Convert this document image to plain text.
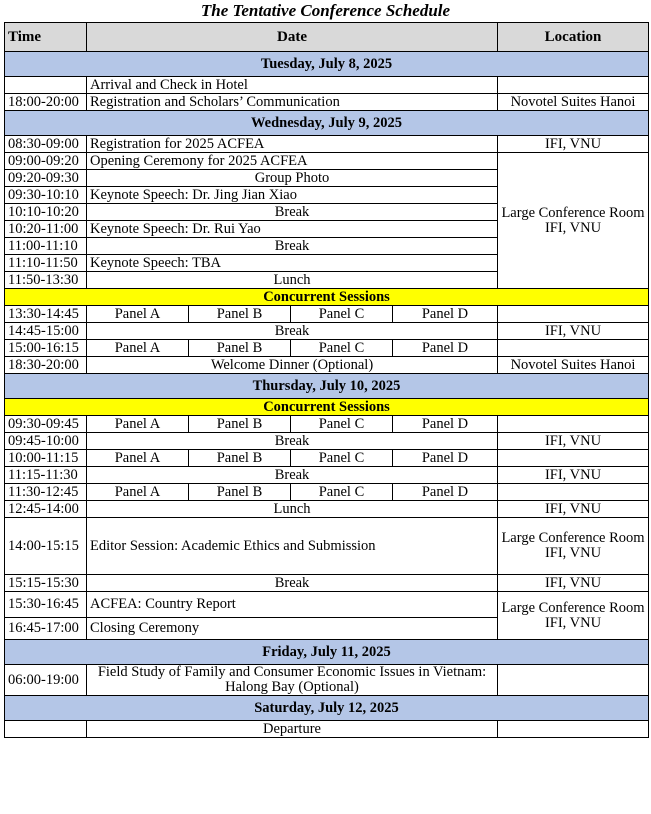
The Tentative Conference Schedule
Time	Date				Location
Tuesday, July 8, 2025					
	Arrival and Check in Hotel				
18:00-20:00	Registration and Scholars’ Communication				Novotel Suites Hanoi
Wednesday, July 9, 2025					
08:30-09:00	Registration for 2025 ACFEA				IFI, VNU
09:00-09:20	Opening Ceremony for 2025 ACFEA				Large Conference Room
IFI, VNU

09:20-09:30	Group Photo				
09:30-10:10	Keynote Speech: Dr. Jing Jian Xiao				
10:10-10:20	Break				
10:20-11:00	Keynote Speech: Dr. Rui Yao				
11:00-11:10	Break				
11:10-11:50	Keynote Speech: TBA				
11:50-13:30	Lunch				
Concurrent Sessions					
13:30-14:45	Panel A	Panel B	Panel C	Panel D	
14:45-15:00	Break				IFI, VNU
15:00-16:15	Panel A	Panel B	Panel C	Panel D	
18:30-20:00	Welcome Dinner (Optional)				Novotel Suites Hanoi
Thursday, July 10, 2025					
Concurrent Sessions					
09:30-09:45	Panel A	Panel B	Panel C	Panel D	
09:45-10:00	Break				IFI, VNU
10:00-11:15	Panel A	Panel B	Panel C	Panel D	
11:15-11:30	Break				IFI, VNU
11:30-12:45	Panel A	Panel B	Panel C	Panel D	
12:45-14:00	Lunch				IFI, VNU
14:00-15:15	Editor Session: Academic Ethics and Submission				Large Conference Room
IFI, VNU

15:15-15:30	Break				IFI, VNU
15:30-16:45	ACFEA: Country Report				Large Conference Room
IFI, VNU

16:45-17:00	Closing Ceremony				
Friday, July 11, 2025					
06:00-19:00	Field Study of Family and Consumer Economic Issues in Vietnam: Halong Bay (Optional)				
Saturday, July 12, 2025					
	Departure				
